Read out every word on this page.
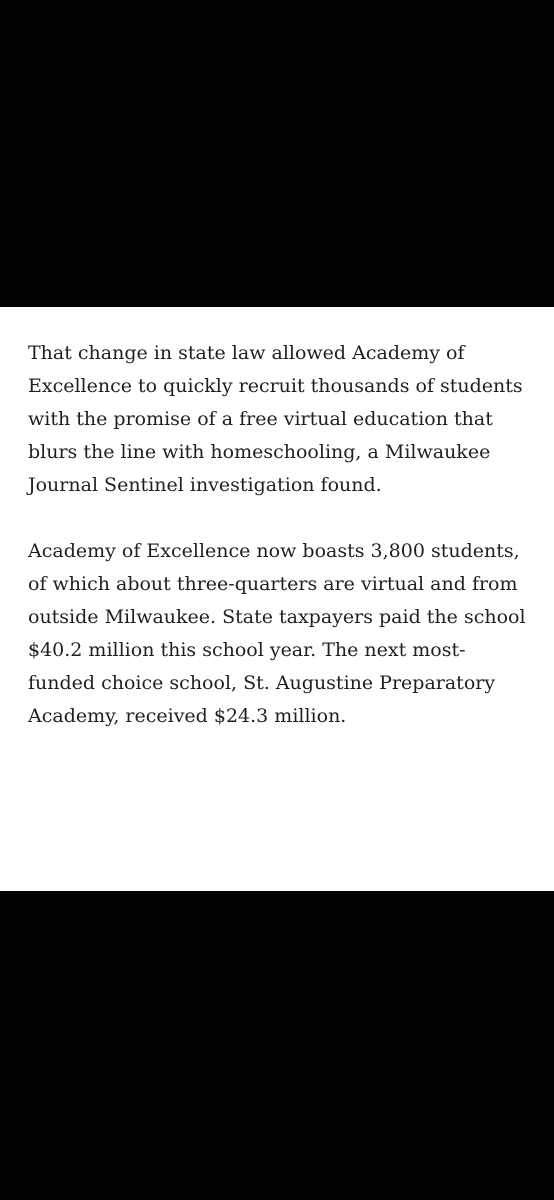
That change in state law allowed Academy of Excellence to quickly recruit thousands of students with the promise of a free virtual education that blurs the line with homeschooling, a Milwaukee Journal Sentinel investigation found.

Academy of Excellence now boasts 3,800 students, of which about three-quarters are virtual and from outside Milwaukee. State taxpayers paid the school $40.2 million this school year. The next most-funded choice school, St. Augustine Preparatory Academy, received $24.3 million.
